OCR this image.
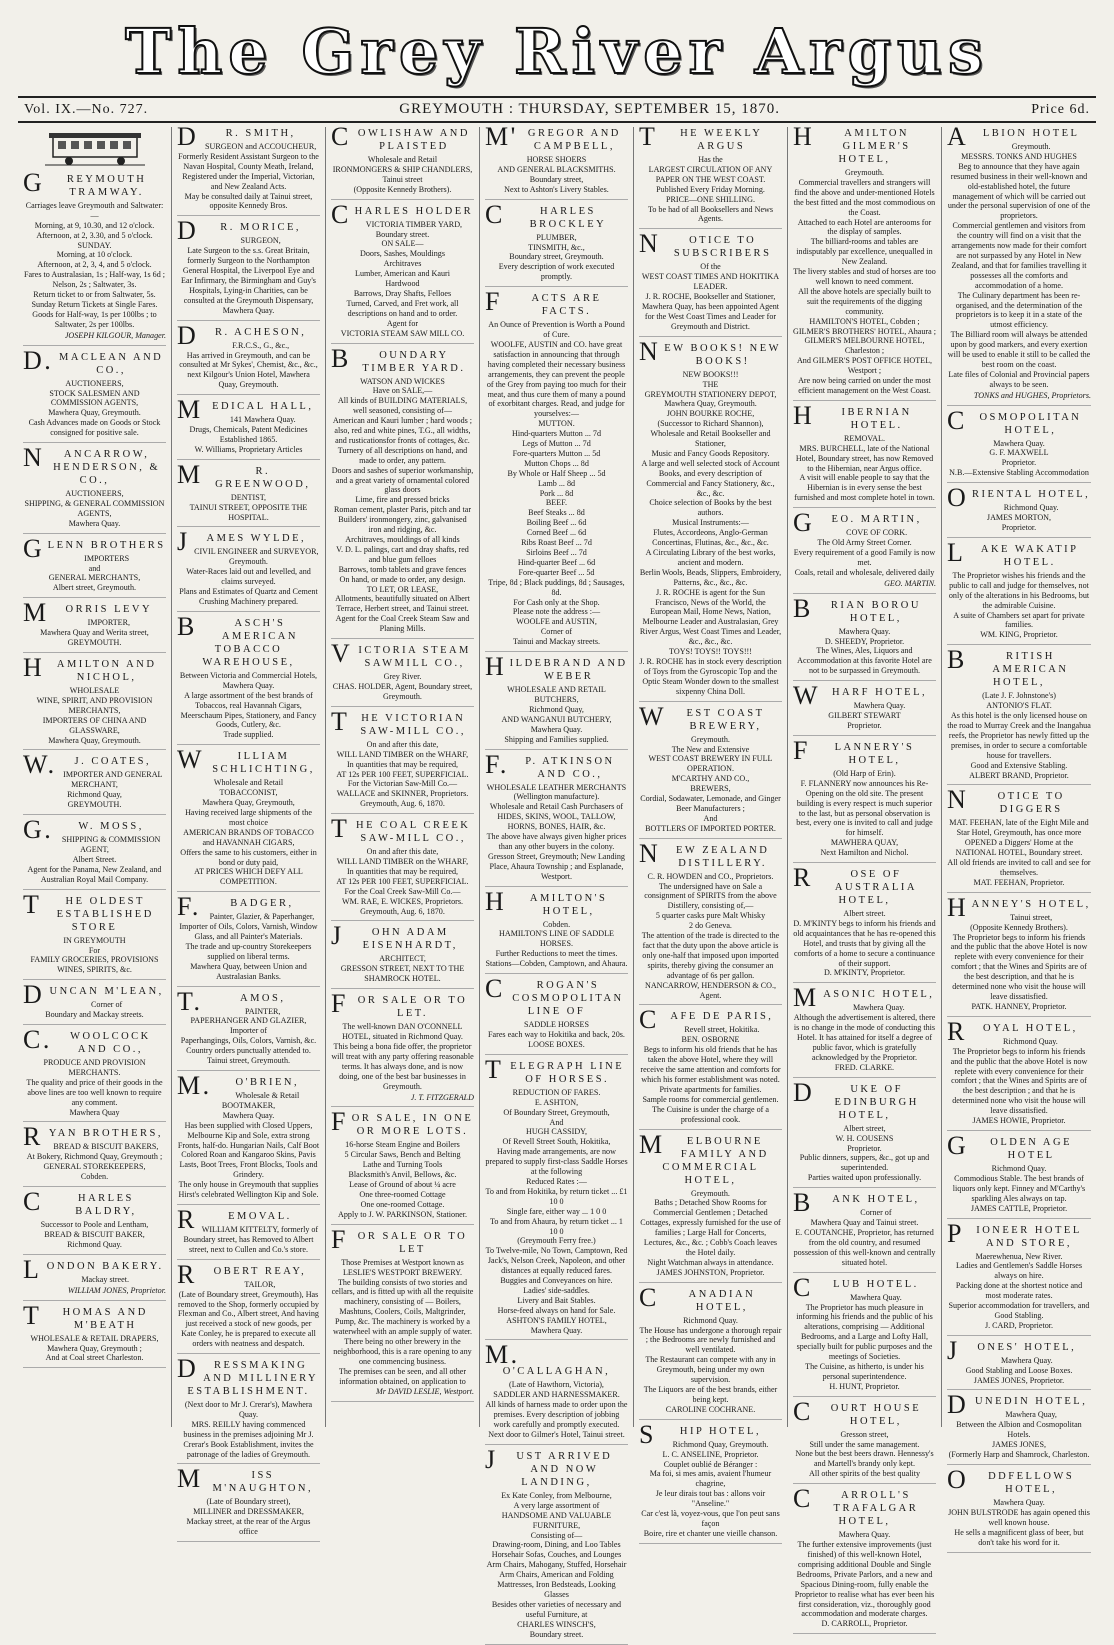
The Grey River Argus
Vol. IX.—No. 727.	GREYMOUTH : THURSDAY, SEPTEMBER 15, 1870.	Price 6d.
GREYMOUTH TRAMWAY.
Carriages leave Greymouth and Saltwater:—
Morning, at 9, 10.30, and 12 o'clock.
Afternoon, at 2, 3.30, and 5 o'clock.
SUNDAY.
Morning, at 10 o'clock.
Afternoon, at 2, 3, 4, and 5 o'clock.
Fares to Australasian, 1s ; Half-way, 1s 6d ; Nelson, 2s ; Saltwater, 3s.
Return ticket to or from Saltwater, 5s.
Sunday Return Tickets at Single Fares.
Goods for Half-way, 1s per 100lbs ; to Saltwater, 2s per 100lbs.
JOSEPH KILGOUR, Manager.
D.MACLEAN AND CO.,
AUCTIONEERS,
STOCK SALESMEN AND COMMISSION AGENTS,
Mawhera Quay, Greymouth.
Cash Advances made on Goods or Stock consigned for positive sale.
NANCARROW, HENDERSON, & CO.,
AUCTIONEERS,
SHIPPING, & GENERAL COMMISSION AGENTS,
Mawhera Quay.
GLENN BROTHERS
IMPORTERS
and
GENERAL MERCHANTS,
Albert street, Greymouth.
MORRIS LEVY
IMPORTER,
Mawhera Quay and Werita street,
GREYMOUTH.
HAMILTON AND NICHOL,
WHOLESALE
WINE, SPIRIT, AND PROVISION MERCHANTS,
IMPORTERS OF CHINA AND GLASSWARE,
Mawhera Quay, Greymouth.
W.J. COATES,
IMPORTER AND GENERAL MERCHANT,
Richmond Quay,
GREYMOUTH.
G.W. MOSS,
SHIPPING & COMMISSION AGENT,
Albert Street.
Agent for the Panama, New Zealand, and Australian Royal Mail Company.
THE OLDEST ESTABLISHED STORE
IN GREYMOUTH
For
FAMILY GROCERIES, PROVISIONS WINES, SPIRITS, &c.
DUNCAN M'LEAN,
Corner of
Boundary and Mackay streets.
C.WOOLCOCK AND CO.,
PRODUCE AND PROVISION
MERCHANTS.
The quality and price of their goods in the above lines are too well known to require any comment.
Mawhera Quay
RYAN BROTHERS,
BREAD & BISCUIT BAKERS,
At Bokery, Richmond Quay, Greymouth ;
GENERAL STOREKEEPERS,
Cobden.
CHARLES BALDRY,
Successor to Poole and Lentham,
BREAD & BISCUIT BAKER,
Richmond Quay.
LONDON BAKERY.
Mackay street.
WILLIAM JONES, Proprietor.
THOMAS AND M'BEATH
WHOLESALE & RETAIL DRAPERS,
Mawhera Quay, Greymouth ;
And at Coal street Charleston.
DR. SMITH,
SURGEON and ACCOUCHEUR,
Formerly Resident Assistant Surgeon to the Navan Hospital, County Meath, Ireland, Registered under the Imperial, Victorian, and New Zealand Acts.
May be consulted daily at Tainui street, opposite Kennedy Bros.
DR. MORICE,
SURGEON,
Late Surgeon to the s.s. Great Britain, formerly Surgeon to the Northampton General Hospital, the Liverpool Eye and Ear Infirmary, the Birmingham and Guy's Hospitals, Lying-in Charities, can be consulted at the Greymouth Dispensary, Mawhera Quay.
DR. ACHESON,
F.R.C.S., G., &c.,
Has arrived in Greymouth, and can be consulted at Mr Sykes', Chemist, &c., &c., next Kilgour's Union Hotel, Mawhera Quay, Greymouth.
MEDICAL HALL,
141 Mawhera Quay.
Drugs, Chemicals, Patent Medicines
Established 1865.
W. Williams, Proprietary Articles
MR. GREENWOOD,
DENTIST,
TAINUI STREET, OPPOSITE THE HOSPITAL.
JAMES WYLDE,
CIVIL ENGINEER and SURVEYOR,
Greymouth.
Water-Races laid out and levelled, and claims surveyed.
Plans and Estimates of Quartz and Cement Crushing Machinery prepared.
BASCH'S AMERICAN TOBACCO WAREHOUSE,
Between Victoria and Commercial Hotels, Mawhera Quay.
A large assortment of the best brands of Tobaccos, real Havannah Cigars, Meerschaum Pipes, Stationery, and Fancy Goods, Cutlery, &c.
Trade supplied.
WILLIAM SCHLICHTING,
Wholesale and Retail
TOBACCONIST,
Mawhera Quay, Greymouth,
Having received large shipments of the most choice
AMERICAN BRANDS OF TOBACCO and HAVANNAH CIGARS,
Offers the same to his customers, either in bond or duty paid,
AT PRICES WHICH DEFY ALL COMPETITION.
F.BADGER,
Painter, Glazier, & Paperhanger,
Importer of Oils, Colors, Varnish, Window Glass, and all Painter's Materials.
The trade and up-country Storekeepers supplied on liberal terms.
Mawhera Quay, between Union and Australasian Banks.
T.AMOS,
PAINTER,
PAPERHANGER AND GLAZIER,
Importer of
Paperhangings, Oils, Colors, Varnish, &c.
Country orders punctually attended to.
Tainui street, Greymouth.
M.O'BRIEN,
Wholesale & Retail
BOOTMAKER,
Mawhera Quay.
Has been supplied with Closed Uppers, Melbourne Kip and Sole, extra strong Fronts, half-do. Hungarian Nails, Calf Boot Colored Roan and Kangaroo Skins, Pavis Lasts, Boot Trees, Front Blocks, Tools and Grindery.
The only house in Greymouth that supplies Hirst's celebrated Wellington Kip and Sole.
REMOVAL.
WILLIAM KITTELTY, formerly of Boundary street, has Removed to Albert street, next to Cullen and Co.'s store.
ROBERT REAY,
TAILOR,
(Late of Boundary street, Greymouth), Has removed to the Shop, formerly occupied by Flexman and Co., Albert street, And having just received a stock of new goods, per Kate Conley, he is prepared to execute all orders with neatness and despatch.
DRESSMAKING AND MILLINERY ESTABLISHMENT.
(Next door to Mr J. Crerar's), Mawhera Quay.
MRS. REILLY having commenced business in the premises adjoining Mr J. Crerar's Book Establishment, invites the patronage of the ladies of Greymouth.
MISS M'NAUGHTON,
(Late of Boundary street),
MILLINER and DRESSMAKER,
Mackay street, at the rear of the Argus office
COWLISHAW AND PLAISTED
Wholesale and Retail
IRONMONGERS & SHIP CHANDLERS,
Tainui street
(Opposite Kennedy Brothers).
CHARLES HOLDER
VICTORIA TIMBER YARD,
Boundary street.
ON SALE—
Doors, Sashes, Mouldings
Architraves
Lumber, American and Kauri
Hardwood
Barrows, Dray Shafts, Felloes
Turned, Carved, and Fret work, all descriptions on hand and to order.
Agent for
VICTORIA STEAM SAW MILL CO.
BOUNDARY TIMBER YARD.
WATSON AND WICKES
Have on SALE,—
All kinds of BUILDING MATERIALS, well seasoned, consisting of—
American and Kauri lumber ; hard woods ; also, red and white pines, T.G., all widths, and rusticationsfor fronts of cottages, &c.
Turnery of all descriptions on hand, and made to order, any pattern.
Doors and sashes of superior workmanship, and a great variety of ornamental colored glass doors
Lime, fire and pressed bricks
Roman cement, plaster Paris, pitch and tar
Builders' ironmongery, zinc, galvanised iron and ridging, &c.
Architraves, mouldings of all kinds
V. D. L. palings, cart and dray shafts, red and blue gum felloes
Barrows, tomb tablets and grave fences
On hand, or made to order, any design.
TO LET, OR LEASE,
Allotments, beautifully situated on Albert Terrace, Herbert street, and Tainui street.
Agent for the Coal Creek Steam Saw and Planing Mills.
VICTORIA STEAM SAWMILL CO.,
Grey River.
CHAS. HOLDER, Agent, Boundary street, Greymouth.
THE VICTORIAN SAW-MILL CO.,
On and after this date,
WILL LAND TIMBER on the WHARF,
In quantities that may be required,
AT 12s PER 100 FEET, SUPERFICIAL.
For the Victorian Saw-Mill Co.—
WALLACE and SKINNER, Proprietors.
Greymouth, Aug. 6, 1870.
THE COAL CREEK SAW-MILL CO.,
On and after this date,
WILL LAND TIMBER on the WHARF,
In quantities that may be required,
AT 12s PER 100 FEET, SUPERFICIAL.
For the Coal Creek Saw-Mill Co.—
WM. RAE, E. WICKES, Proprietors.
Greymouth, Aug. 6, 1870.
JOHN ADAM EISENHARDT,
ARCHITECT,
GRESSON STREET, NEXT TO THE SHAMROCK HOTEL.
FOR SALE OR TO LET.
The well-known DAN O'CONNELL HOTEL, situated in Richmond Quay.
This being a bona fide offer, the proprietor will treat with any party offering reasonable terms. It has always done, and is now doing, one of the best bar businesses in Greymouth.
J. T. FITZGERALD
FOR SALE, IN ONE OR MORE LOTS.
16-horse Steam Engine and Boilers
5 Circular Saws, Bench and Belting
Lathe and Turning Tools
Blacksmith's Anvil, Bellows, &c.
Lease of Ground of about ¼ acre
One three-roomed Cottage
One one-roomed Cottage.
Apply to J. W. PARKINSON, Stationer.
FOR SALE OR TO LET
Those Premises at Westport known as
LESLIE'S WESTPORT BREWERY.
The building consists of two stories and cellars, and is fitted up with all the requisite machinery, consisting of — Boilers, Mashtuns, Coolers, Coils, Maltgrinder, Pump, &c. The machinery is worked by a waterwheel with an ample supply of water.
There being no other brewery in the neighborhood, this is a rare opening to any one commencing business.
The premises can be seen, and all other information obtained, on application to
Mr DAVID LESLIE, Westport.
M'GREGOR AND CAMPBELL,
HORSE SHOERS
AND GENERAL BLACKSMITHS.
Boundary street,
Next to Ashton's Livery Stables.
CHARLES BROCKLEY
PLUMBER,
TINSMITH, &c.,
Boundary street, Greymouth.
Every description of work executed promptly.
FACTS ARE FACTS.
An Ounce of Prevention is Worth a Pound of Cure.
WOOLFE, AUSTIN and CO. have great satisfaction in announcing that through having completed their necessary business arrangements, they can prevent the people of the Grey from paying too much for their meat, and thus cure them of many a pound of exorbitant charges. Read, and judge for yourselves:—
MUTTON.
Hind-quarters Mutton ... 7d
Legs of Mutton ... 7d
Fore-quarters Mutton ... 5d
Mutton Chops ... 8d
By Whole or Half Sheep ... 5d
Lamb ... 8d
Pork ... 8d
BEEF.
Beef Steaks ... 8d
Boiling Beef ... 6d
Corned Beef ... 6d
Ribs Roast Beef ... 7d
Sirloins Beef ... 7d
Hind-quarter Beef ... 6d
Fore-quarter Beef ... 5d
Tripe, 8d ; Black puddings, 8d ; Sausages, 8d.
For Cash only at the Shop.
Please note the address :—
WOOLFE and AUSTIN,
Corner of
Tainui and Mackay streets.
HILDEBRAND AND WEBER
WHOLESALE AND RETAIL BUTCHERS,
Richmond Quay,
AND WANGANUI BUTCHERY,
Mawhera Quay.
Shipping and Families supplied.
F.P. ATKINSON AND CO.,
WHOLESALE LEATHER MERCHANTS
(Wellington manufacture).
Wholesale and Retail Cash Purchasers of
HIDES, SKINS, WOOL, TALLOW, HORNS, BONES, HAIR, &c.
The above have always given higher prices than any other buyers in the colony.
Gresson Street, Greymouth; New Landing Place, Ahaura Township ; and Esplanade, Westport.
HAMILTON'S HOTEL,
Cobden.
HAMILTON'S LINE OF SADDLE HORSES.
Further Reductions to meet the times.
Stations—Cobden, Camptown, and Ahaura.
CROGAN'S COSMOPOLITAN LINE OF
SADDLE HORSES
Fares each way to Hokitika and back, 20s.
LOOSE BOXES.
TELEGRAPH LINE OF HORSES.
REDUCTION OF FARES.
E. ASHTON,
Of Boundary Street, Greymouth,
And
HUGH CASSIDY,
Of Revell Street South, Hokitika,
Having made arrangements, are now prepared to supply first-class Saddle Horses at the following
Reduced Rates :—
To and from Hokitika, by return ticket ... £1 10 0
Single fare, either way ... 1 0 0
To and from Ahaura, by return ticket ... 1 10 0
(Greymouth Ferry free.)
To Twelve-mile, No Town, Camptown, Red Jack's, Nelson Creek, Napoleon, and other distances at equally reduced fares.
Buggies and Conveyances on hire.
Ladies' side-saddles.
Livery and Bait Stables.
Horse-feed always on hand for Sale.
ASHTON'S FAMILY HOTEL,
Mawhera Quay.
M.O'CALLAGHAN,
(Late of Hawthorn, Victoria),
SADDLER AND HARNESSMAKER.
All kinds of harness made to order upon the premises. Every description of jobbing work carefully and promptly executed.
Next door to Gilmer's Hotel, Tainui street.
JUST ARRIVED AND NOW LANDING,
Ex Kate Conley, from Melbourne,
A very large assortment of
HANDSOME AND VALUABLE FURNITURE,
Consisting of—
Drawing-room, Dining, and Loo Tables
Horsehair Sofas, Couches, and Lounges
Arm Chairs, Mahogany, Stuffed, Horsehair
Arm Chairs, American and Folding
Mattresses, Iron Bedsteads, Looking Glasses
Besides other varieties of necessary and useful Furniture, at
CHARLES WINSCH'S,
Boundary street.
THE WEEKLY ARGUS
Has the
LARGEST CIRCULATION OF ANY PAPER ON THE WEST COAST.
Published Every Friday Morning.
PRICE—ONE SHILLING.
To be had of all Booksellers and News Agents.
NOTICE TO SUBSCRIBERS
Of the
WEST COAST TIMES AND HOKITIKA LEADER.
J. R. ROCHE, Bookseller and Stationer, Mawhera Quay, has been appointed Agent for the West Coast Times and Leader for Greymouth and District.
NEW BOOKS! NEW BOOKS!
NEW BOOKS!!!
THE
GREYMOUTH STATIONERY DEPOT,
Mawhera Quay, Greymouth.
JOHN BOURKE ROCHE,
(Successor to Richard Shannon),
Wholesale and Retail Bookseller and Stationer,
Music and Fancy Goods Repository.
A large and well selected stock of Account Books, and every description of Commercial and Fancy Stationery, &c., &c., &c.
Choice selection of Books by the best authors.
Musical Instruments:—
Flutes, Accordeons, Anglo-German Concertinas, Flutinas, &c., &c., &c.
A Circulating Library of the best works, ancient and modern.
Berlin Wools, Beads, Slippers, Embroidery, Patterns, &c., &c., &c.
J. R. ROCHE is agent for the Sun Francisco, News of the World, the European Mail, Home News, Nation, Melbourne Leader and Australasian, Grey River Argus, West Coast Times and Leader, &c., &c., &c.
TOYS! TOYS!! TOYS!!!
J. R. ROCHE has in stock every description of Toys from the Gyroscopic Top and the Optic Steam Wonder down to the smallest sixpenny China Doll.
WEST COAST BREWERY,
Greymouth.
The New and Extensive
WEST COAST BREWERY IN FULL OPERATION.
M'CARTHY AND CO.,
BREWERS,
Cordial, Sodawater, Lemonade, and Ginger Beer Manufacturers ;
And
BOTTLERS OF IMPORTED PORTER.
NEW ZEALAND DISTILLERY.
C. R. HOWDEN and CO., Proprietors.
The undersigned have on Sale a consignment of SPIRITS from the above Distillery, consisting of,—
5 quarter casks pure Malt Whisky
2 do Geneva.
The attention of the trade is directed to the fact that the duty upon the above article is only one-half that imposed upon imported spirits, thereby giving the consumer an advantage of 6s per gallon.
NANCARROW, HENDERSON & CO., Agent.
CAFE DE PARIS,
Revell street, Hokitika.
BEN. OSBORNE
Begs to inform his old friends that he has taken the above Hotel, where they will receive the same attention and comforts for which his former establishment was noted.
Private apartments for families.
Sample rooms for commercial gentlemen.
The Cuisine is under the charge of a professional cook.
MELBOURNE FAMILY AND COMMERCIAL HOTEL,
Greymouth.
Baths ; Detached Show Rooms for Commercial Gentlemen ; Detached Cottages, expressly furnished for the use of families ; Large Hall for Concerts, Lectures, &c., &c. ; Cobb's Coach leaves the Hotel daily.
Night Watchman always in attendance.
JAMES JOHNSTON, Proprietor.
CANADIAN HOTEL,
Richmond Quay.
The House has undergone a thorough repair ; the Bedrooms are newly furnished and well ventilated.
The Restaurant can compete with any in Greymouth, being under my own supervision.
The Liquors are of the best brands, either being kept.
CAROLINE COCHRANE.
SHIP HOTEL,
Richmond Quay, Greymouth.
L. C. ANSELINE, Proprietor.
Couplet oublié de Béranger :
Ma foi, si mes amis, avaient l'humeur chagrine,
Je leur dirais tout bas : allons voir "Anseline."
Car c'est là, voyez-vous, que l'on peut sans façon
Boire, rire et chanter une vieille chanson.
HAMILTON GILMER'S HOTEL,
Greymouth.
Commercial travellers and strangers will find the above and under-mentioned Hotels the best fitted and the most commodious on the Coast.
Attached to each Hotel are anterooms for the display of samples.
The billiard-rooms and tables are indisputably par excellence, unequalled in New Zealand.
The livery stables and stud of horses are too well known to need comment.
All the above hotels are specially built to suit the requirements of the digging community.
HAMILTON'S HOTEL, Cobden ;
GILMER'S BROTHERS' HOTEL, Ahaura ;
GILMER'S MELBOURNE HOTEL, Charleston ;
And GILMER'S POST OFFICE HOTEL, Westport ;
Are now being carried on under the most efficient management on the West Coast.
HIBERNIAN HOTEL.
REMOVAL.
MRS. BURCHELL, late of the National Hotel, Boundary street, has now Removed to the Hibernian, near Argus office.
A visit will enable people to say that the Hibernian is in every sense the best furnished and most complete hotel in town.
GEO. MARTIN,
COVE OF CORK.
The Old Army Street Corner.
Every requirement of a good Family is now met.
Coals, retail and wholesale, delivered daily
GEO. MARTIN.
BRIAN BOROU HOTEL,
Mawhera Quay.
D. SHEEDY, Proprietor.
The Wines, Ales, Liquors and Accommodation at this favorite Hotel are not to be surpassed in Greymouth.
WHARF HOTEL,
Mawhera Quay.
GILBERT STEWART
Proprietor.
FLANNERY'S HOTEL,
(Old Harp of Erin).
F. FLANNERY now announces his Re-Opening on the old site. The present building is every respect is much superior to the last, but as personal observation is best, every one is invited to call and judge for himself.
MAWHERA QUAY,
Next Hamilton and Nichol.
ROSE OF AUSTRALIA HOTEL,
Albert street.
D. M'KINTY begs to inform his friends and old acquaintances that he has re-opened this Hotel, and trusts that by giving all the comforts of a home to secure a continuance of their support.
D. M'KINTY, Proprietor.
MASONIC HOTEL,
Mawhera Quay.
Although the advertisement is altered, there is no change in the mode of conducting this Hotel. It has attained for itself a degree of public favor, which is gratefully acknowledged by the Proprietor.
FRED. CLARKE.
DUKE OF EDINBURGH HOTEL,
Albert street,
W. H. COUSENS
Proprietor.
Public dinners, suppers, &c., got up and superintended.
Parties waited upon professionally.
BANK HOTEL,
Corner of
Mawhera Quay and Tainui street.
E. COUTANCHE, Proprietor, has returned from the old country, and resumed possession of this well-known and centrally situated hotel.
CLUB HOTEL.
Mawhera Quay.
The Proprietor has much pleasure in informing his friends and the public of his alterations, comprising — Additional Bedrooms, and a Large and Lofty Hall, specially built for public purposes and the meetings of Societies.
The Cuisine, as hitherto, is under his personal superintendence.
H. HUNT, Proprietor.
COURT HOUSE HOTEL,
Gresson street,
Still under the same management.
None but the best beers drawn. Hennessy's and Martell's brandy only kept.
All other spirits of the best quality
CARROLL'S TRAFALGAR HOTEL,
Mawhera Quay.
The further extensive improvements (just finished) of this well-known Hotel, comprising additional Double and Single Bedrooms, Private Parlors, and a new and Spacious Dining-room, fully enable the Proprietor to realise what has ever been his first consideration, viz., thoroughly good accommodation and moderate charges.
D. CARROLL, Proprietor.
ALBION HOTEL
Greymouth.
MESSRS. TONKS AND HUGHES
Beg to announce that they have again resumed business in their well-known and old-established hotel, the future management of which will be carried out under the personal supervision of one of the proprietors.
Commercial gentlemen and visitors from the country will find on a visit that the arrangements now made for their comfort are not surpassed by any Hotel in New Zealand, and that for families travelling it possesses all the comforts and accommodation of a home.
The Culinary department has been re-organised, and the determination of the proprietors is to keep it in a state of the utmost efficiency.
The Billiard room will always be attended upon by good markers, and every exertion will be used to enable it still to be called the best room on the coast.
Late files of Colonial and Provincial papers always to be seen.
TONKS and HUGHES, Proprietors.
COSMOPOLITAN HOTEL,
Mawhera Quay.
G. F. MAXWELL
Proprietor.
N.B.—Extensive Stabling Accommodation
ORIENTAL HOTEL,
Richmond Quay.
JAMES MORTON,
Proprietor.
LAKE WAKATIP HOTEL.
The Proprietor wishes his friends and the public to call and judge for themselves, not only of the alterations in his Bedrooms, but the admirable Cuisine.
A suite of Chambers set apart for private families.
WM. KING, Proprietor.
BRITISH AMERICAN HOTEL,
(Late J. F. Johnstone's)
ANTONIO'S FLAT.
As this hotel is the only licensed house on the road to Murray Creek and the Inangahua reefs, the Proprietor has newly fitted up the premises, in order to secure a comfortable house for travellers.
Good and Extensive Stabling.
ALBERT BRAND, Proprietor.
NOTICE TO DIGGERS
MAT. FEEHAN, late of the Eight Mile and Star Hotel, Greymouth, has once more OPENED a Diggers' Home at the NATIONAL HOTEL, Boundary street.
All old friends are invited to call and see for themselves.
MAT. FEEHAN, Proprietor.
HANNEY'S HOTEL,
Tainui street,
(Opposite Kennedy Brothers).
The Proprietor begs to inform his friends and the public that the above Hotel is now replete with every convenience for their comfort ; that the Wines and Spirits are of the best description, and that he is determined none who visit the house will leave dissatisfied.
PATK. HANNEY, Proprietor.
ROYAL HOTEL,
Richmond Quay.
The Proprietor begs to inform his friends and the public that the above Hotel is now replete with every convenience for their comfort ; that the Wines and Spirits are of the best description ; and that he is determined none who visit the house will leave dissatisfied.
JAMES HOWIE, Proprietor.
GOLDEN AGE HOTEL
Richmond Quay.
Commodious Stable. The best brands of liquors only kept. Finney and M'Carthy's sparkling Ales always on tap.
JAMES CATTLE, Proprietor.
PIONEER HOTEL AND STORE,
Maerewhenua, New River.
Ladies and Gentlemen's Saddle Horses always on hire.
Packing done at the shortest notice and most moderate rates.
Superior accommodation for travellers, and Good Stabling.
J. CARD, Proprietor.
JONES' HOTEL,
Mawhera Quay.
Good Stabling and Loose Boxes.
JAMES JONES, Proprietor.
DUNEDIN HOTEL,
Mawhera Quay,
Between the Albion and Cosmopolitan Hotels.
JAMES JONES,
(Formerly Harp and Shamrock, Charleston.
ODDFELLOWS HOTEL,
Mawhera Quay.
JOHN BULSTRODE has again opened this well known house.
He sells a magnificent glass of beer, but don't take his word for it.
